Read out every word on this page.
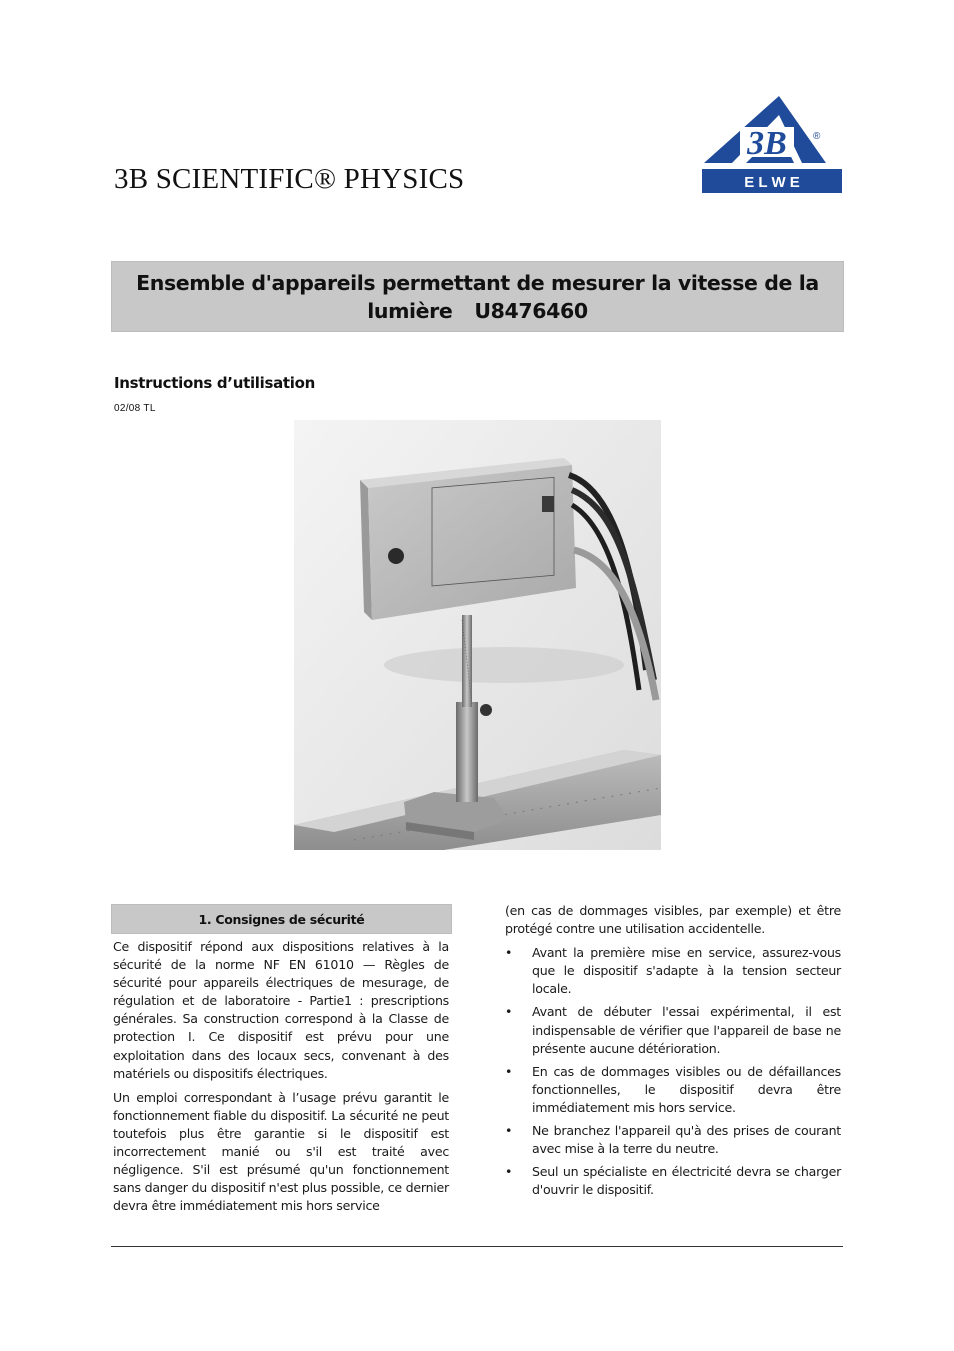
3B SCIENTIFIC® PHYSICS
3B	®
E L W E
Ensemble d'appareils permettant de mesurer la vitesse de la
lumière U8476460
Instructions d’utilisation
02/08 TL
1. Consignes de sécurité

Ce dispositif répond aux dispositions relatives à la sécurité de la norme NF EN 61010 — Règles de sécurité pour appareils électriques de mesurage, de régulation et de laboratoire - Partie1 : prescriptions générales. Sa construction correspond à la Classe de protection I. Ce dispositif est prévu pour une exploitation dans des locaux secs, convenant à des matériels ou dispositifs électriques.

Un emploi correspondant à l’usage prévu garantit le fonctionnement fiable du dispositif. La sécurité ne peut toutefois plus être garantie si le dispositif est incorrectement manié ou s'il est traité avec négligence. S'il est présumé qu'un fonctionnement sans danger du dispositif n'est plus possible, ce dernier devra être immédiatement mis hors service

(en cas de dommages visibles, par exemple) et être protégé contre une utilisation accidentelle.

• Avant la première mise en service, assurez-vous que le dispositif s'adapte à la tension secteur locale.
• Avant de débuter l'essai expérimental, il est indispensable de vérifier que l'appareil de base ne présente aucune détérioration.
• En cas de dommages visibles ou de défaillances fonctionnelles, le dispositif devra être immédiatement mis hors service.
• Ne branchez l'appareil qu'à des prises de courant avec mise à la terre du neutre.
• Seul un spécialiste en électricité devra se charger d'ouvrir le dispositif.
